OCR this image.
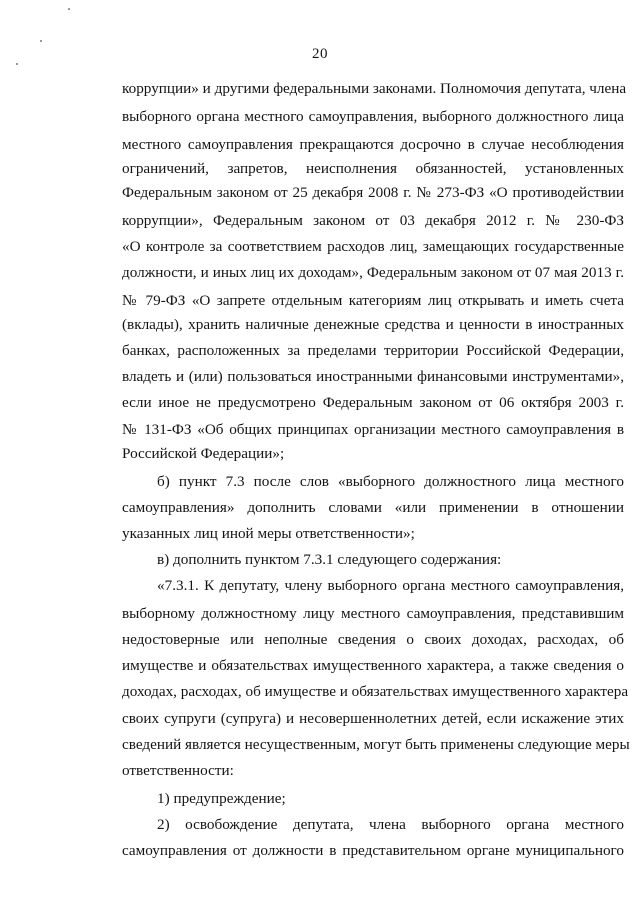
20
коррупции» и другими федеральными законами. Полномочия депутата, члена
выборного органа местного самоуправления, выборного должностного лица
местного самоуправления прекращаются досрочно в случае несоблюдения
ограничений, запретов, неисполнения обязанностей, установленных
Федеральным законом от 25 декабря 2008 г. № 273-ФЗ «О противодействии
коррупции», Федеральным законом от 03 декабря 2012 г. № 230-ФЗ
«О контроле за соответствием расходов лиц, замещающих государственные
должности, и иных лиц их доходам», Федеральным законом от 07 мая 2013 г.
№ 79-ФЗ «О запрете отдельным категориям лиц открывать и иметь счета
(вклады), хранить наличные денежные средства и ценности в иностранных
банках, расположенных за пределами территории Российской Федерации,
владеть и (или) пользоваться иностранными финансовыми инструментами»,
если иное не предусмотрено Федеральным законом от 06 октября 2003 г.
№ 131-ФЗ «Об общих принципах организации местного самоуправления в
Российской Федерации»;
б) пункт 7.3 после слов «выборного должностного лица местного
самоуправления» дополнить словами «или применении в отношении
указанных лиц иной меры ответственности»;
в) дополнить пунктом 7.3.1 следующего содержания:
«7.3.1. К депутату, члену выборного органа местного самоуправления,
выборному должностному лицу местного самоуправления, представившим
недостоверные или неполные сведения о своих доходах, расходах, об
имуществе и обязательствах имущественного характера, а также сведения о
доходах, расходах, об имуществе и обязательствах имущественного характера
своих супруги (супруга) и несовершеннолетних детей, если искажение этих
сведений является несущественным, могут быть применены следующие меры
ответственности:
1) предупреждение;
2) освобождение депутата, члена выборного органа местного
самоуправления от должности в представительном органе муниципального
